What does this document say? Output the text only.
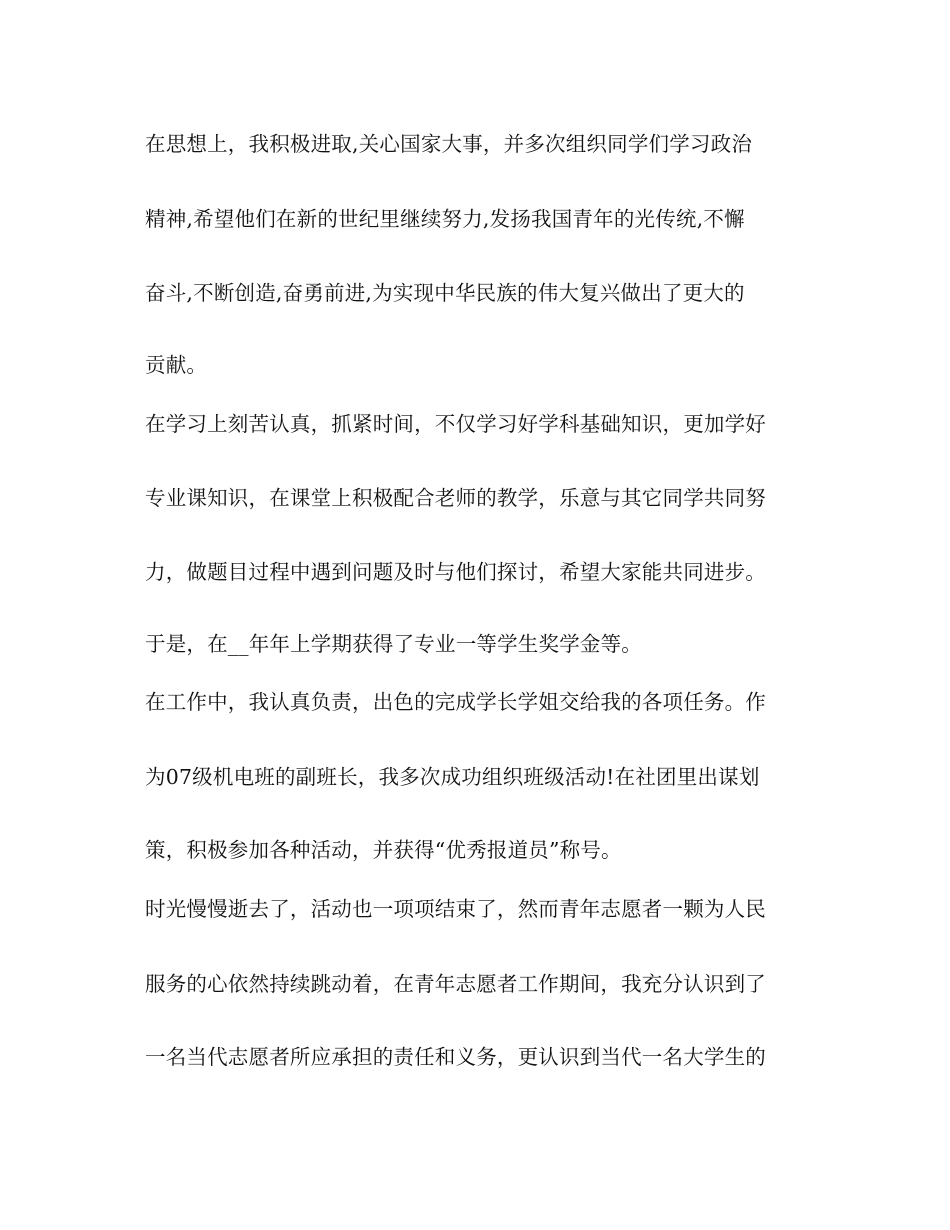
在思想上，我积极进取,关心国家大事，并多次组织同学们学习政治
精神,希望他们在新的世纪里继续努力,发扬我国青年的光传统,不懈
奋斗,不断创造,奋勇前进,为实现中华民族的伟大复兴做出了更大的
贡献。
在学习上刻苦认真，抓紧时间，不仅学习好学科基础知识，更加学好
专业课知识，在课堂上积极配合老师的教学，乐意与其它同学共同努
力，做题目过程中遇到问题及时与他们探讨，希望大家能共同进步。
于是，在__年年上学期获得了专业一等学生奖学金等。
在工作中，我认真负责，出色的完成学长学姐交给我的各项任务。作
为07级机电班的副班长，我多次成功组织班级活动!在社团里出谋划
策，积极参加各种活动，并获得“优秀报道员”称号。
时光慢慢逝去了，活动也一项项结束了，然而青年志愿者一颗为人民
服务的心依然持续跳动着，在青年志愿者工作期间，我充分认识到了
一名当代志愿者所应承担的责任和义务，更认识到当代一名大学生的
